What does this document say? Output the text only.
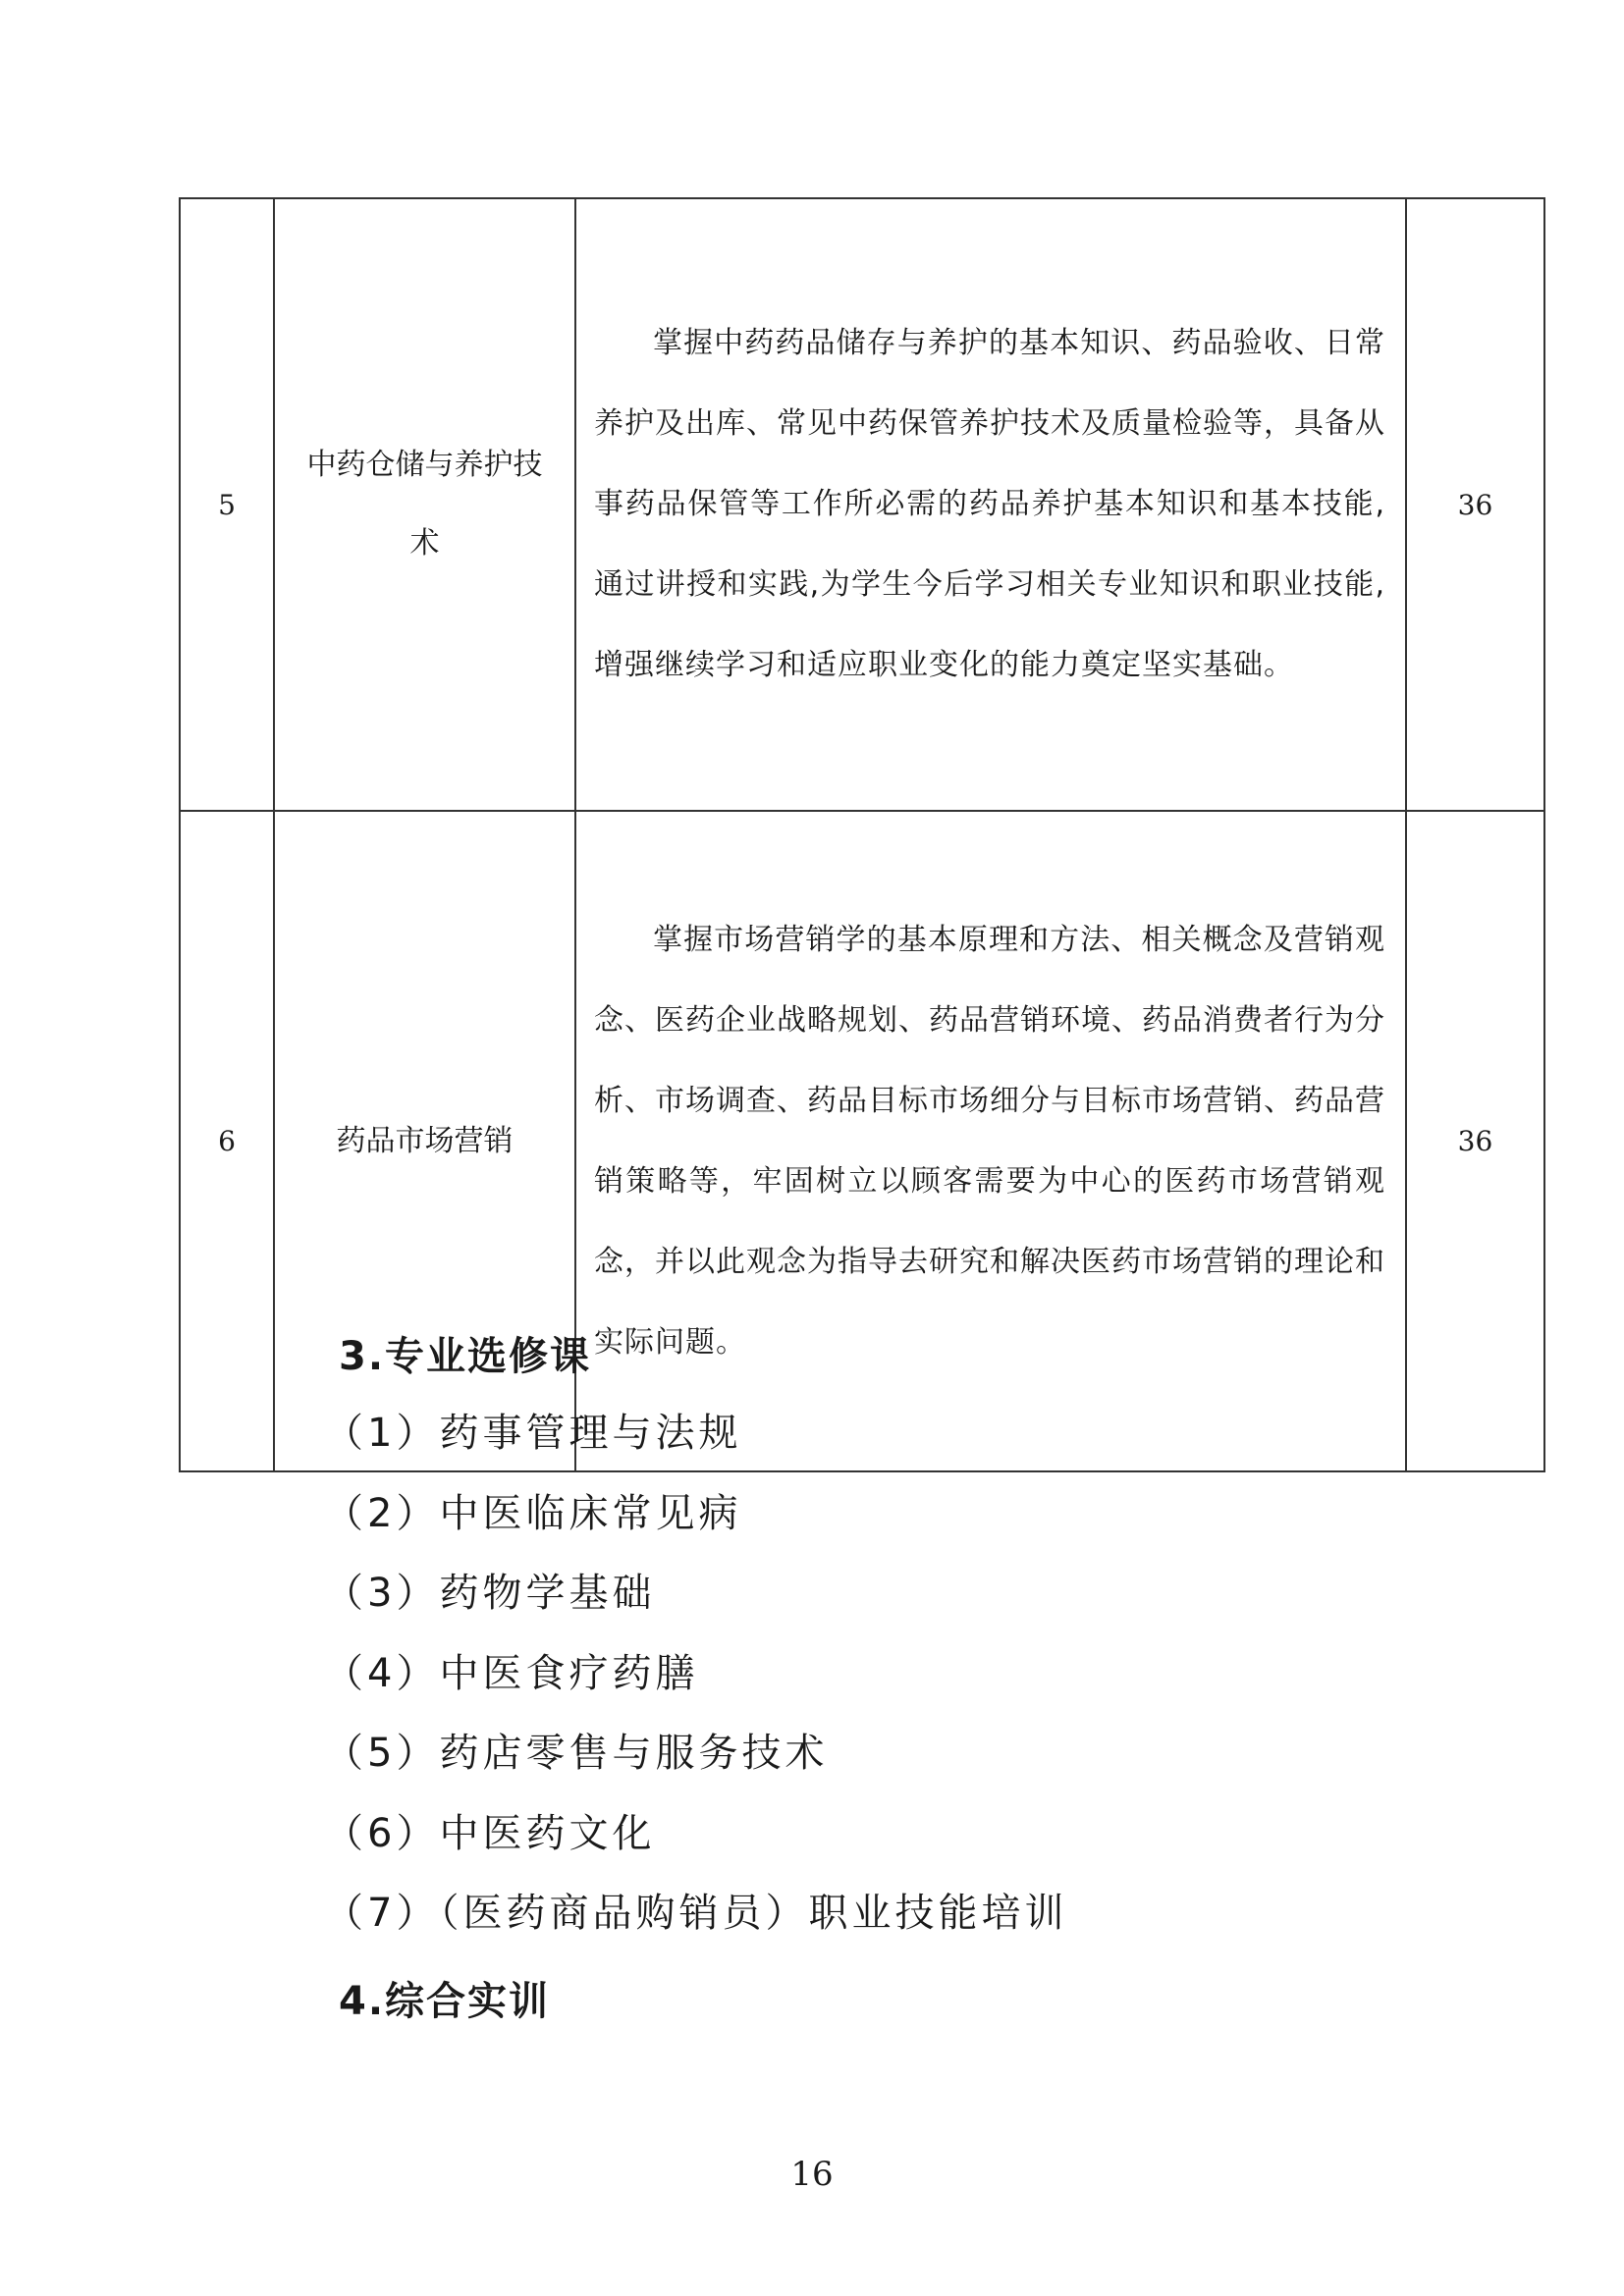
5	中药仓储与养护技术	掌握中药药品储存与养护的基本知识、药品验收、日常养护及出库、常见中药保管养护技术及质量检验等，具备从事药品保管等工作所必需的药品养护基本知识和基本技能,通过讲授和实践,为学生今后学习相关专业知识和职业技能,增强继续学习和适应职业变化的能力奠定坚实基础。	36
6	药品市场营销	掌握市场营销学的基本原理和方法、相关概念及营销观念、医药企业战略规划、药品营销环境、药品消费者行为分析、市场调查、药品目标市场细分与目标市场营销、药品营销策略等，牢固树立以顾客需要为中心的医药市场营销观念，并以此观念为指导去研究和解决医药市场营销的理论和实际问题。	36
3.专业选修课
（1）药事管理与法规
（2）中医临床常见病
（3）药物学基础
（4）中医食疗药膳
（5）药店零售与服务技术
（6）中医药文化
（7）（医药商品购销员）职业技能培训
4.综合实训
16
